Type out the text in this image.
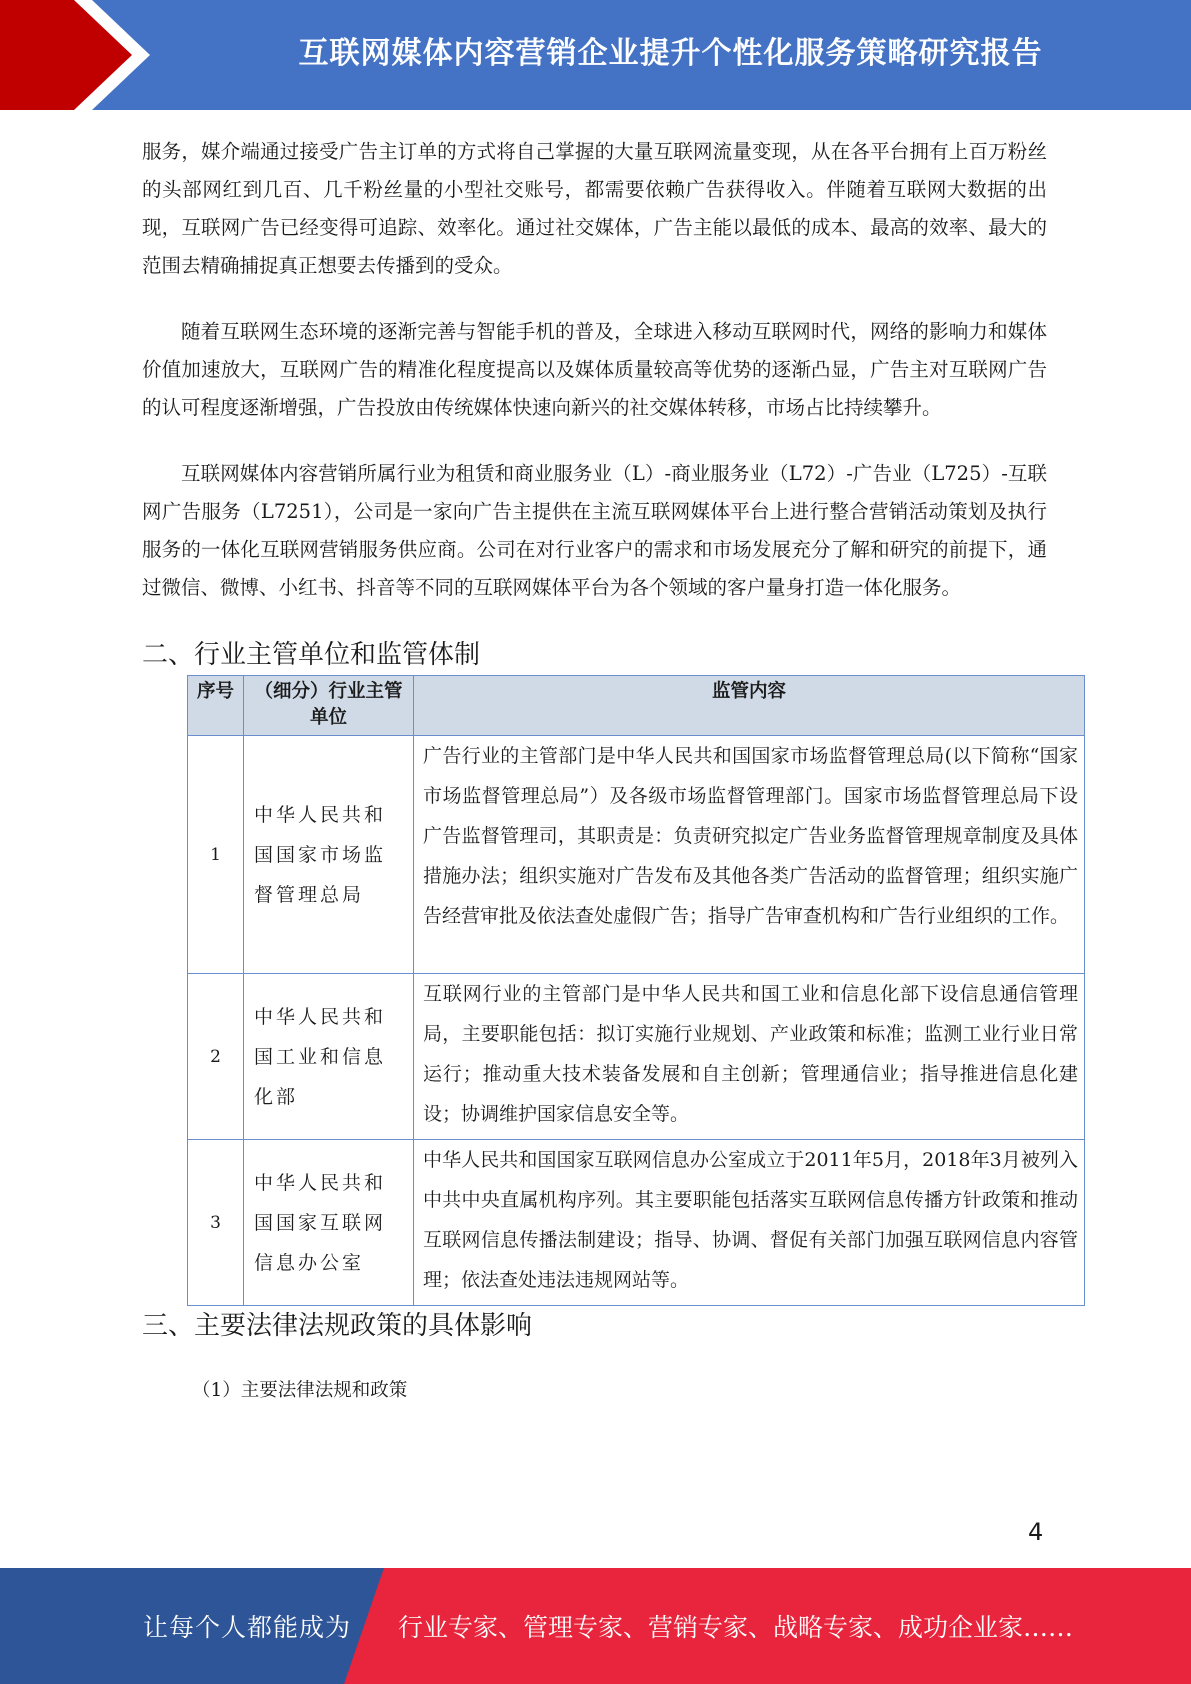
互联网媒体内容营销企业提升个性化服务策略研究报告

服务，媒介端通过接受广告主订单的方式将自己掌握的大量互联网流量变现，从在各平台拥有上百万粉丝的头部网红到几百、几千粉丝量的小型社交账号，都需要依赖广告获得收入。伴随着互联网大数据的出现，互联网广告已经变得可追踪、效率化。通过社交媒体，广告主能以最低的成本、最高的效率、最大的范围去精确捕捉真正想要去传播到的受众。

随着互联网生态环境的逐渐完善与智能手机的普及，全球进入移动互联网时代，网络的影响力和媒体价值加速放大，互联网广告的精准化程度提高以及媒体质量较高等优势的逐渐凸显，广告主对互联网广告的认可程度逐渐增强，广告投放由传统媒体快速向新兴的社交媒体转移，市场占比持续攀升。

互联网媒体内容营销所属行业为租赁和商业服务业（L）-商业服务业（L72）-广告业（L725）-互联网广告服务（L7251），公司是一家向广告主提供在主流互联网媒体平台上进行整合营销活动策划及执行服务的一体化互联网营销服务供应商。公司在对行业客户的需求和市场发展充分了解和研究的前提下，通过微信、微博、小红书、抖音等不同的互联网媒体平台为各个领域的客户量身打造一体化服务。

二、行业主管单位和监管体制
序号	（细分）行业主管单位	监管内容
1	中华人民共和国国家市场监督管理总局	广告行业的主管部门是中华人民共和国国家市场监督管理总局(以下简称“国家市场监督管理总局”）及各级市场监督管理部门。国家市场监督管理总局下设广告监督管理司，其职责是：负责研究拟定广告业务监督管理规章制度及具体措施办法；组织实施对广告发布及其他各类广告活动的监督管理；组织实施广告经营审批及依法查处虚假广告；指导广告审查机构和广告行业组织的工作。
2	中华人民共和国工业和信息化部	互联网行业的主管部门是中华人民共和国工业和信息化部下设信息通信管理局，主要职能包括：拟订实施行业规划、产业政策和标准；监测工业行业日常运行；推动重大技术装备发展和自主创新；管理通信业；指导推进信息化建设；协调维护国家信息安全等。
3	中华人民共和国国家互联网信息办公室	中华人民共和国国家互联网信息办公室成立于2011年5月，2018年3月被列入中共中央直属机构序列。其主要职能包括落实互联网信息传播方针政策和推动互联网信息传播法制建设；指导、协调、督促有关部门加强互联网信息内容管理；依法查处违法违规网站等。
三、主要法律法规政策的具体影响
（1）主要法律法规和政策
4
让每个人都能成为 行业专家、管理专家、营销专家、战略专家、成功企业家……
